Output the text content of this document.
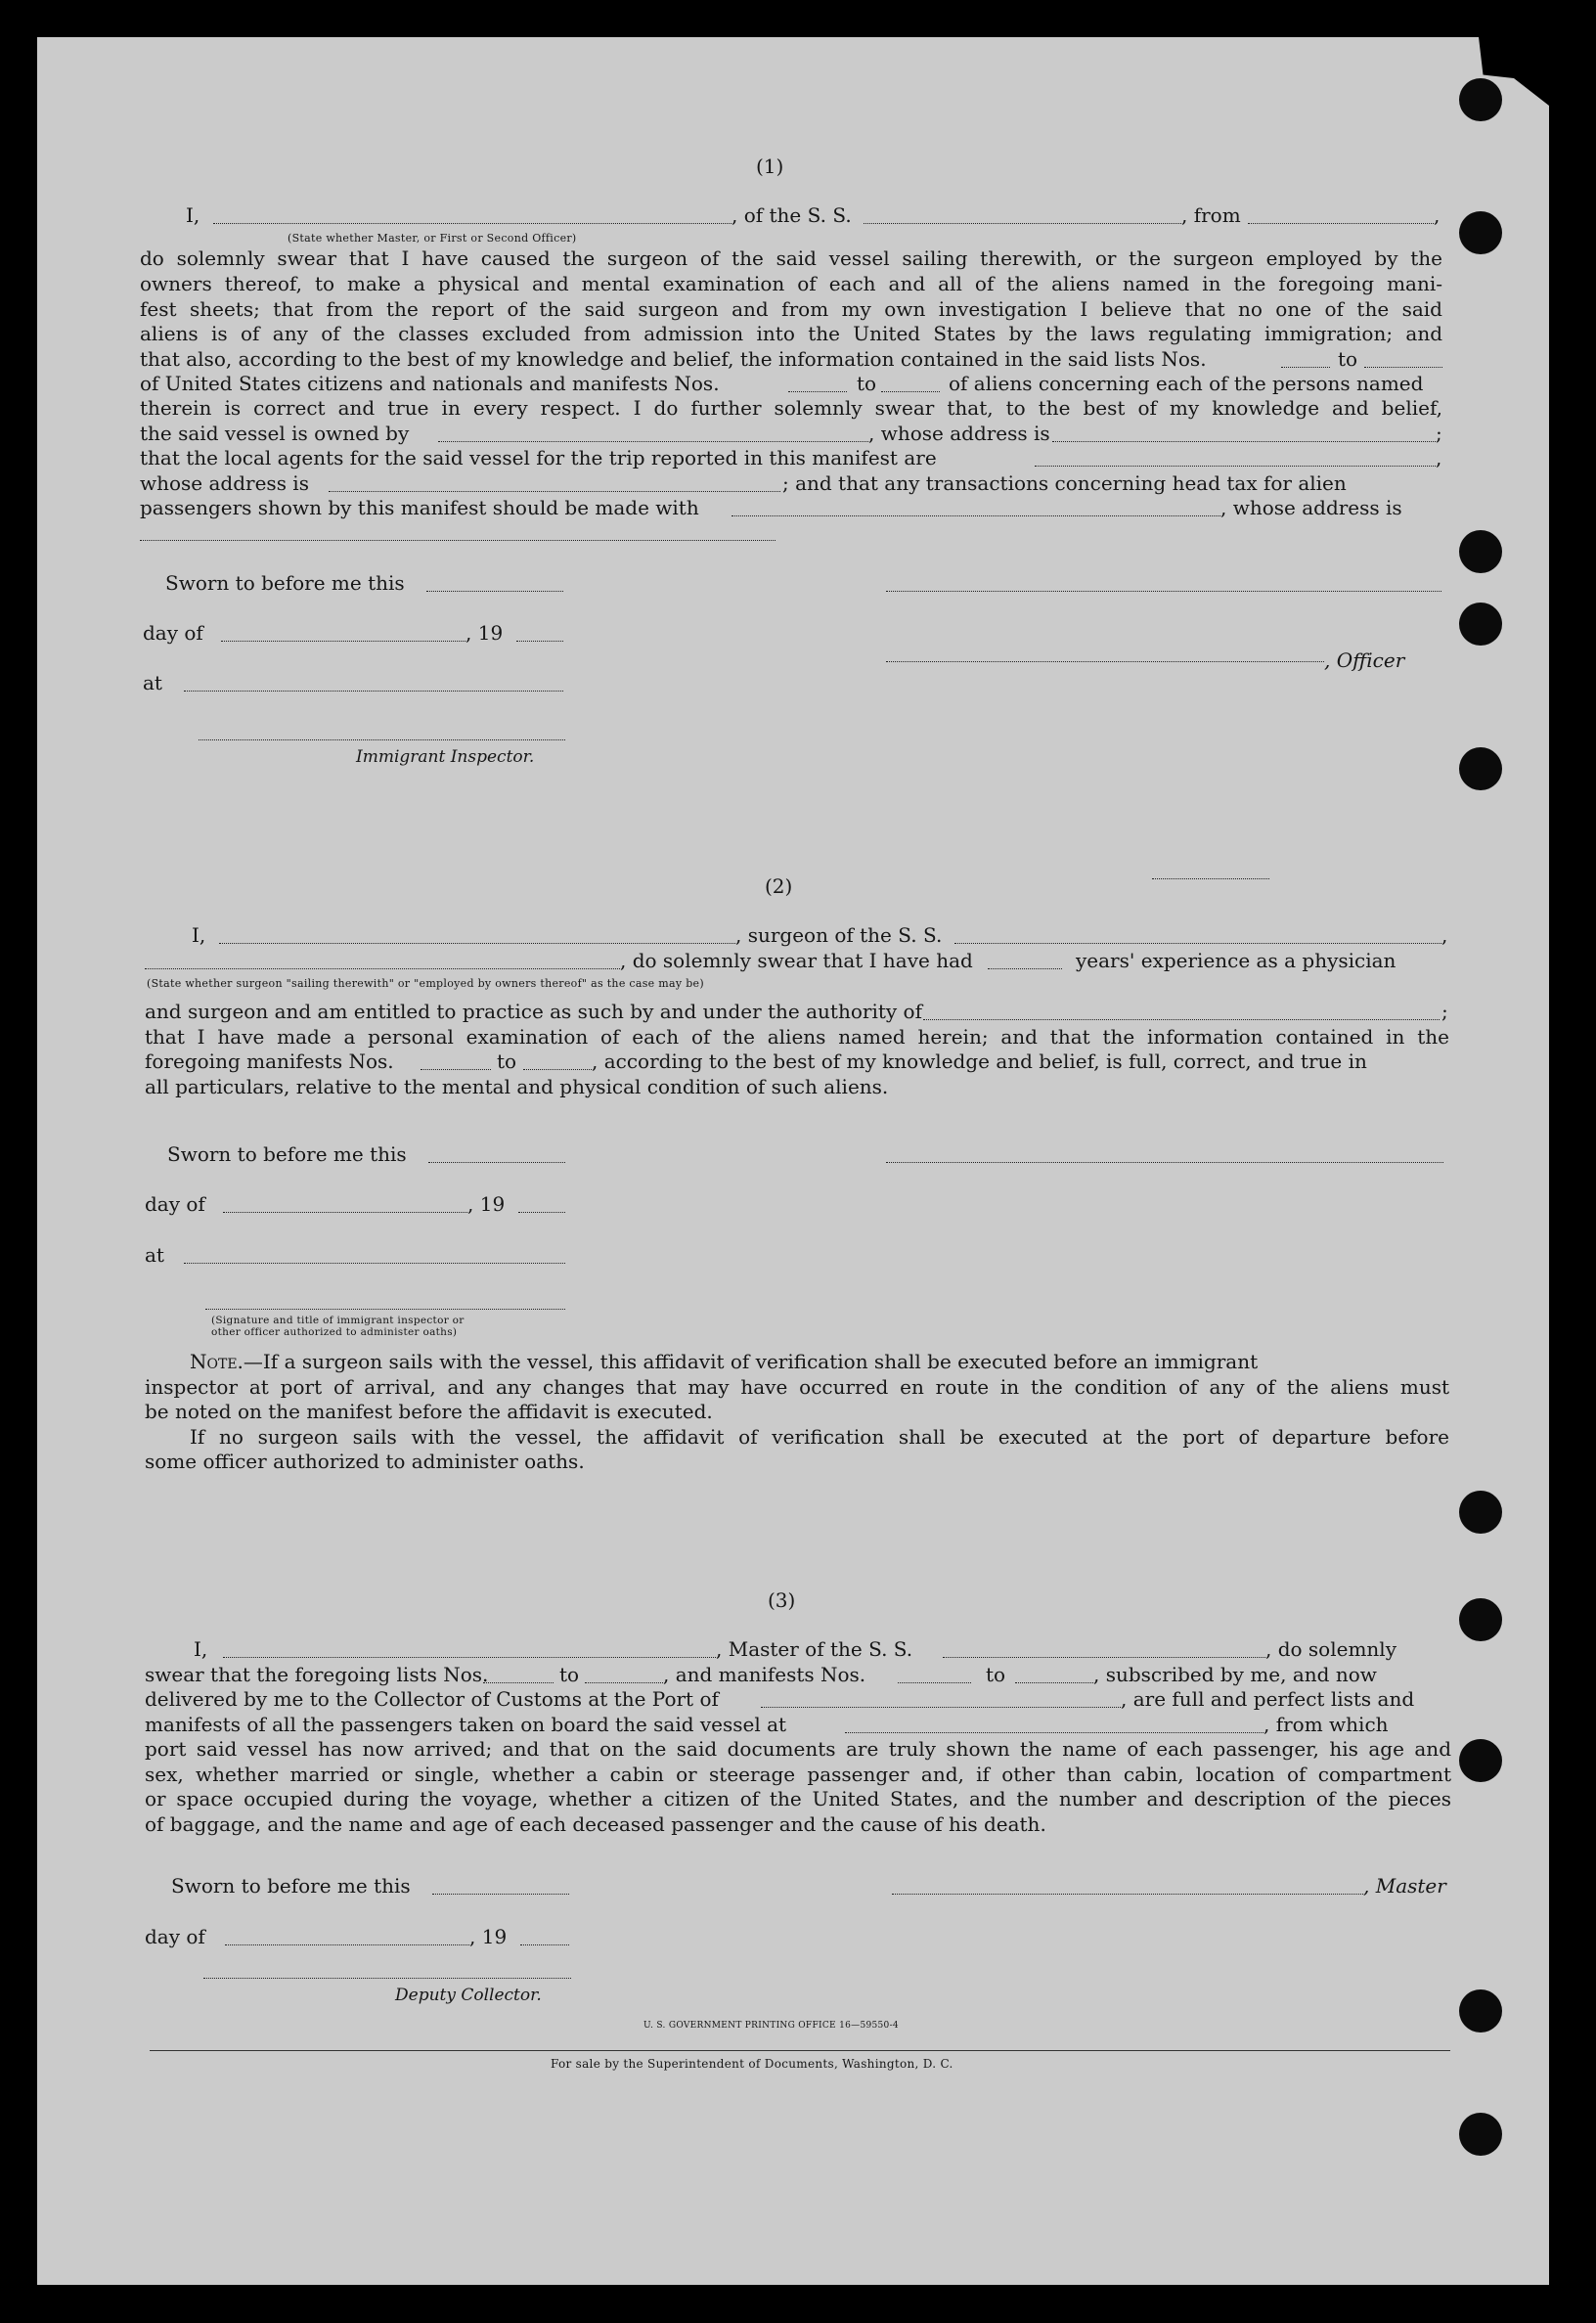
(1)
I,
(State whether Master, or First or Second Officer)
, of the S. S.	, from	,
do solemnly swear that I have caused the surgeon of the said vessel sailing therewith, or the surgeon employed by the
owners thereof, to make a physical and mental examination of each and all of the aliens named in the foregoing mani-
fest sheets; that from the report of the said surgeon and from my own investigation I believe that no one of the said
aliens is of any of the classes excluded from admission into the United States by the laws regulating immigration; and
that also, according to the best of my knowledge and belief, the information contained in the said lists Nos.	to
of United States citizens and nationals and manifests Nos.	to	of aliens concerning each of the persons named
therein is correct and true in every respect. I do further solemnly swear that, to the best of my knowledge and belief,
the said vessel is owned by	, whose address is	;
that the local agents for the said vessel for the trip reported in this manifest are	,
whose address is	; and that any transactions concerning head tax for alien
passengers shown by this manifest should be made with	, whose address is
Sworn to before me this
day of	, 19
, Officer
at
Immigrant Inspector.
(2)
I,	, surgeon of the S. S.	,
, do solemnly swear that I have had	years' experience as a physician
(State whether surgeon "sailing therewith" or "employed by owners thereof" as the case may be)
and surgeon and am entitled to practice as such by and under the authority of	;
that I have made a personal examination of each of the aliens named herein; and that the information contained in the
foregoing manifests Nos.	to	, according to the best of my knowledge and belief, is full, correct, and true in
all particulars, relative to the mental and physical condition of such aliens.
Sworn to before me this
day of	, 19
at
(Signature and title of immigrant inspector or
other officer authorized to administer oaths)
Note.—If a surgeon sails with the vessel, this affidavit of verification shall be executed before an immigrant
inspector at port of arrival, and any changes that may have occurred en route in the condition of any of the aliens must
be noted on the manifest before the affidavit is executed.
If no surgeon sails with the vessel, the affidavit of verification shall be executed at the port of departure before
some officer authorized to administer oaths.
(3)
I,	, Master of the S. S.	, do solemnly
swear that the foregoing lists Nos.	to	, and manifests Nos.	to	, subscribed by me, and now
delivered by me to the Collector of Customs at the Port of	, are full and perfect lists and
manifests of all the passengers taken on board the said vessel at	, from which
port said vessel has now arrived; and that on the said documents are truly shown the name of each passenger, his age and
sex, whether married or single, whether a cabin or steerage passenger and, if other than cabin, location of compartment
or space occupied during the voyage, whether a citizen of the United States, and the number and description of the pieces
of baggage, and the name and age of each deceased passenger and the cause of his death.
Sworn to before me this	, Master
day of	, 19
Deputy Collector.
U. S. GOVERNMENT PRINTING OFFICE 16—59550-4
For sale by the Superintendent of Documents, Washington, D. C.
